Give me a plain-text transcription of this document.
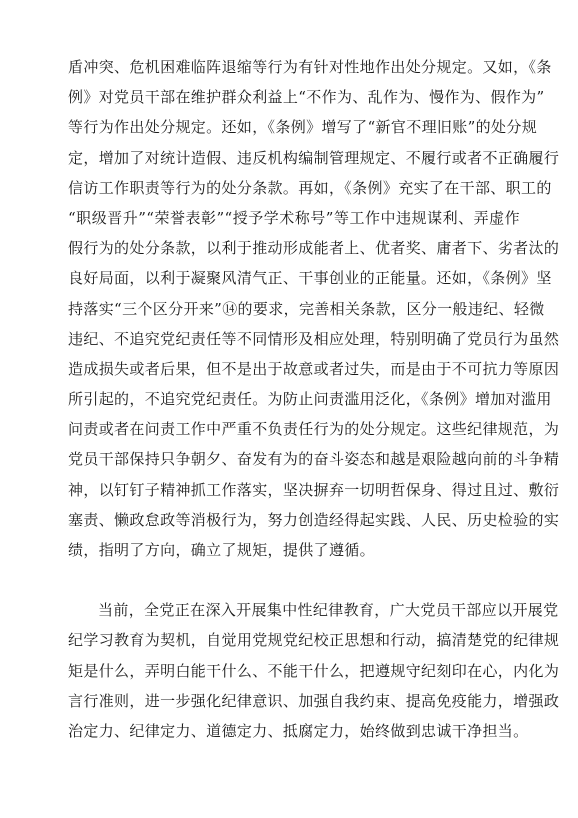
盾冲突、危机困难临阵退缩等行为有针对性地作出处分规定。又如，《条
例》对党员干部在维护群众利益上“不作为、乱作为、慢作为、假作为”
等行为作出处分规定。还如，《条例》增写了“新官不理旧账”的处分规
定，增加了对统计造假、违反机构编制管理规定、不履行或者不正确履行
信访工作职责等行为的处分条款。再如，《条例》充实了在干部、职工的
“职级晋升”“荣誉表彰”“授予学术称号”等工作中违规谋利、弄虚作
假行为的处分条款，以利于推动形成能者上、优者奖、庸者下、劣者汰的
良好局面，以利于凝聚风清气正、干事创业的正能量。还如，《条例》坚
持落实“三个区分开来”⑭的要求，完善相关条款，区分一般违纪、轻微
违纪、不追究党纪责任等不同情形及相应处理，特别明确了党员行为虽然
造成损失或者后果，但不是出于故意或者过失，而是由于不可抗力等原因
所引起的，不追究党纪责任。为防止问责滥用泛化，《条例》增加对滥用
问责或者在问责工作中严重不负责任行为的处分规定。这些纪律规范，为
党员干部保持只争朝夕、奋发有为的奋斗姿态和越是艰险越向前的斗争精
神，以钉钉子精神抓工作落实，坚决摒弃一切明哲保身、得过且过、敷衍
塞责、懒政怠政等消极行为，努力创造经得起实践、人民、历史检验的实
绩，指明了方向，确立了规矩，提供了遵循。
当前，全党正在深入开展集中性纪律教育，广大党员干部应以开展党
纪学习教育为契机，自觉用党规党纪校正思想和行动，搞清楚党的纪律规
矩是什么，弄明白能干什么、不能干什么，把遵规守纪刻印在心，内化为
言行准则，进一步强化纪律意识、加强自我约束、提高免疫能力，增强政
治定力、纪律定力、道德定力、抵腐定力，始终做到忠诚干净担当。
